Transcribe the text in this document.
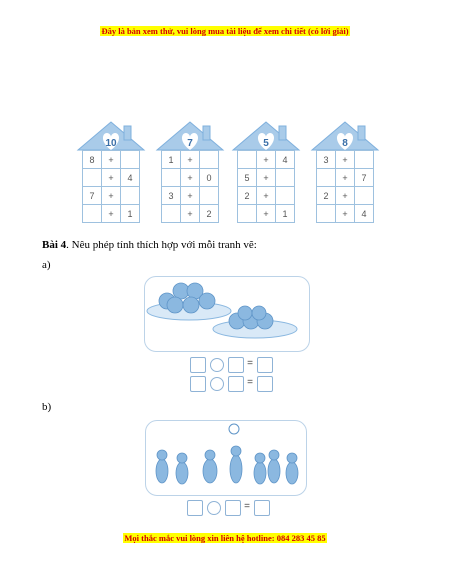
Đây là bản xem thử, vui lòng mua tài liệu để xem chi tiết (có lời giải)
10
8	+	
	+	4
7	+	
	+	1
7
1	+	
	+	0
3	+	
	+	2
5
	+	4
5	+	
2	+	
	+	1
8
3	+	
	+	7
2	+	
	+	4
Bài 4. Nêu phép tính thích hợp với mỗi tranh vẽ:
a)
=
=
b)
=
Mọi thắc mắc vui lòng xin liên hệ hotline: 084 283 45 85
